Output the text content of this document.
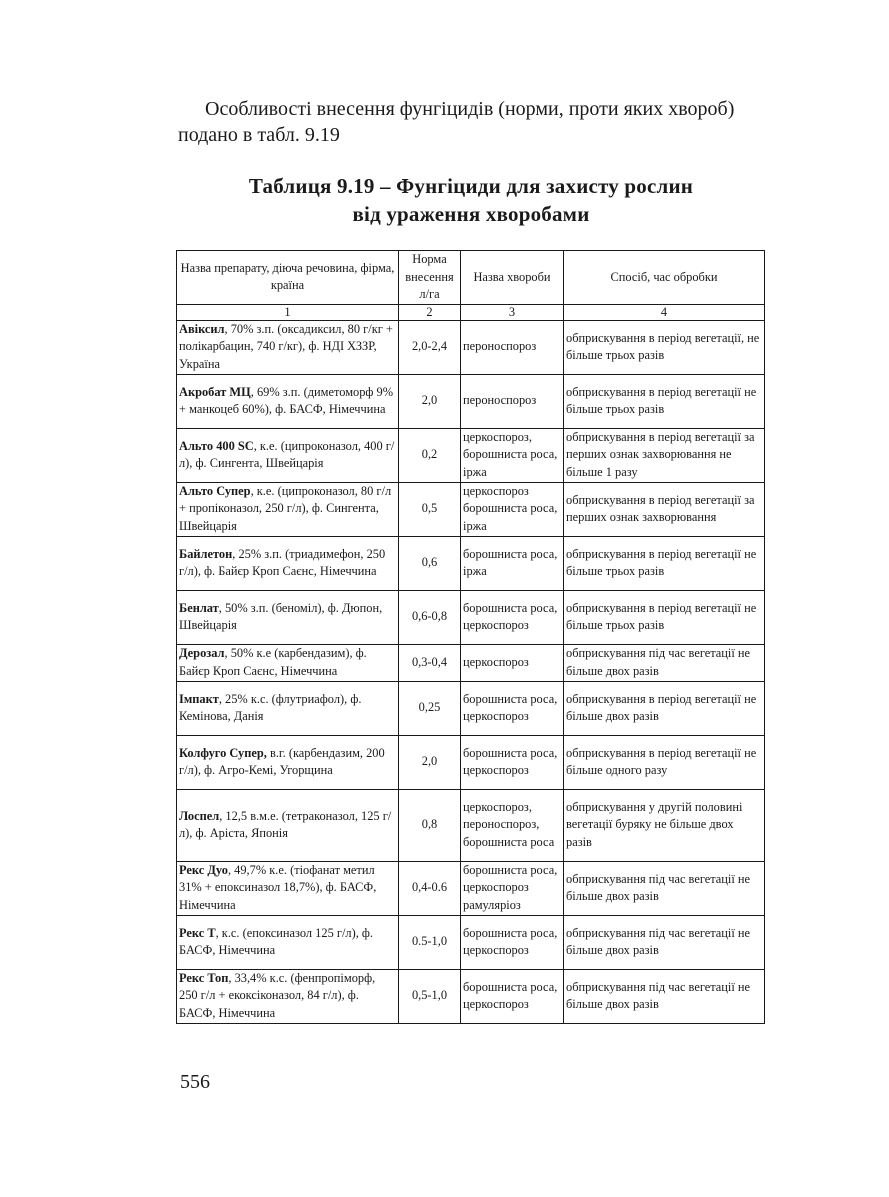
Особливості внесення фунгіцидів (норми, проти яких хвороб) подано в табл. 9.19

Таблиця 9.19 – Фунгіциди для захисту рослин
від ураження хворобами
Назва препарату, діюча речовина, фірма, країна	Норма внесення л/га	Назва хвороби	Спосіб, час обробки
1	2	3	4
Авіксил, 70% з.п. (оксадиксил, 80 г/кг + полікарбацин, 740 г/кг), ф. НДІ ХЗЗР, Україна	2,0-2,4	пероноспороз	обприскування в період вегетації, не більше трьох разів
Акробат МЦ, 69% з.п. (диметоморф 9% + манкоцеб 60%), ф. БАСФ, Німеччина	2,0	пероноспороз	обприскування в період вегетації не більше трьох разів
Альто 400 SC, к.е. (ципроконазол, 400 г/л), ф. Сингента, Швейцарія	0,2	церкоспороз, борошниста роса, іржа	обприскування в період вегетації за перших ознак захворювання не більше 1 разу
Альто Супер, к.е. (ципроконазол, 80 г/л + пропіконазол, 250 г/л), ф. Сингента, Швейцарія	0,5	церкоспороз борошниста роса, іржа	обприскування в період вегетації за перших ознак захворювання
Байлетон, 25% з.п. (триадимефон, 250 г/л), ф. Байєр Кроп Саєнс, Німеччина	0,6	борошниста роса, іржа	обприскування в період вегетації не більше трьох разів
Бенлат, 50% з.п. (беноміл), ф. Дюпон, Швейцарія	0,6-0,8	борошниста роса, церкоспороз	обприскування в період вегетації не більше трьох разів
Дерозал, 50% к.е (карбендазим), ф. Байєр Кроп Саєнс, Німеччина	0,3-0,4	церкоспороз	обприскування під час вегетації не більше двох разів
Імпакт, 25% к.с. (флутриафол), ф. Кемінова, Данія	0,25	борошниста роса, церкоспороз	обприскування в період вегетації не більше двох разів
Колфуго Супер, в.г. (карбендазим, 200 г/л), ф. Агро-Кемі, Угорщина	2,0	борошниста роса, церкоспороз	обприскування в період вегетації не більше одного разу
Лоспел, 12,5 в.м.е. (тетраконазол, 125 г/л), ф. Аріста, Японія	0,8	церкоспороз, пероноспороз, борошниста роса	обприскування у другій половині вегетації буряку не більше двох разів
Рекс Дуо, 49,7% к.е. (тіофанат метил 31% + епоксиназол 18,7%), ф. БАСФ, Німеччина	0,4-0.6	борошниста роса, церкоспороз рамуляріоз	обприскування під час вегетації не більше двох разів
Рекс Т, к.с. (епоксиназол 125 г/л), ф. БАСФ, Німеччина	0.5-1,0	борошниста роса, церкоспороз	обприскування під час вегетації не більше двох разів
Рекс Топ, 33,4% к.с. (фенпропіморф, 250 г/л + екоксіконазол, 84 г/л), ф. БАСФ, Німеччина	0,5-1,0	борошниста роса, церкоспороз	обприскування під час вегетації не більше двох разів
556
